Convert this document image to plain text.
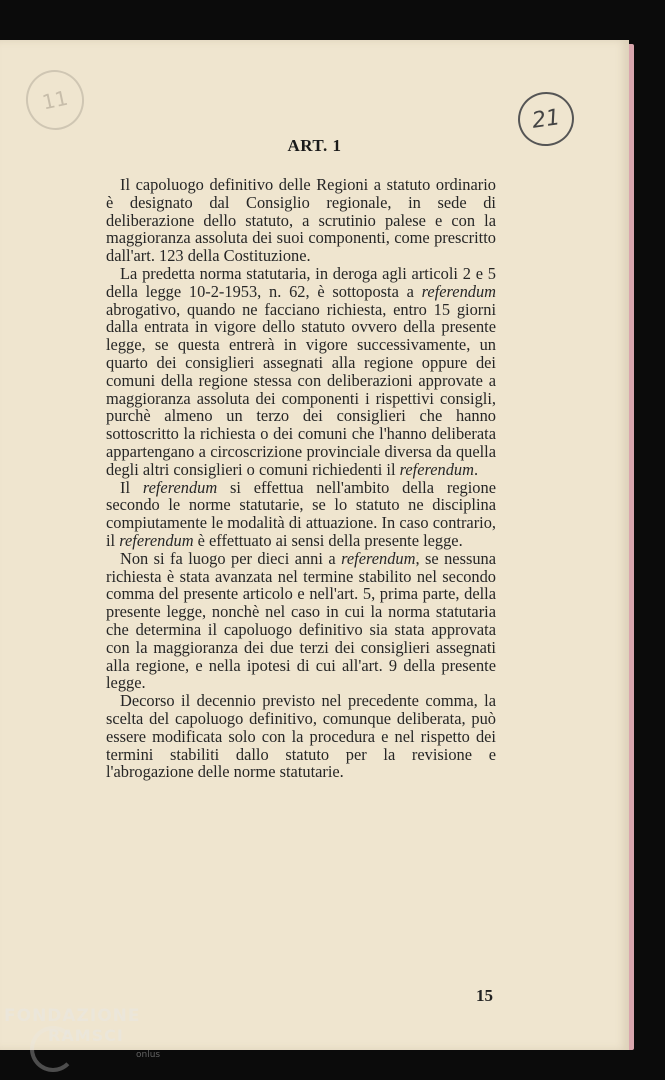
11
21
ART. 1

Il capoluogo definitivo delle Regioni a statuto ordinario è designato dal Consiglio regionale, in sede di deliberazione dello statuto, a scrutinio palese e con la maggioranza assoluta dei suoi componenti, come prescritto dall'art. 123 della Costituzione.

La predetta norma statutaria, in deroga agli articoli 2 e 5 della legge 10-2-1953, n. 62, è sottoposta a referendum abrogativo, quando ne facciano richiesta, entro 15 giorni dalla entrata in vigore dello statuto ovvero della presente legge, se questa entrerà in vigore successivamente, un quarto dei consiglieri assegnati alla regione oppure dei comuni della regione stessa con deliberazioni approvate a maggioranza assoluta dei componenti i rispettivi consigli, purchè almeno un terzo dei consiglieri che hanno sottoscritto la richiesta o dei comuni che l'hanno deliberata appartengano a circoscrizione provinciale diversa da quella degli altri consiglieri o comuni richiedenti il referendum.

Il referendum si effettua nell'ambito della regione secondo le norme statutarie, se lo statuto ne disciplina compiutamente le modalità di attuazione. In caso contrario, il referendum è effettuato ai sensi della presente legge.

Non si fa luogo per dieci anni a referendum, se nessuna richiesta è stata avanzata nel termine stabilito nel secondo comma del presente articolo e nell'art. 5, prima parte, della presente legge, nonchè nel caso in cui la norma statutaria che determina il capoluogo definitivo sia stata approvata con la maggioranza dei due terzi dei consiglieri assegnati alla regione, e nella ipotesi di cui all'art. 9 della presente legge.

Decorso il decennio previsto nel precedente comma, la scelta del capoluogo definitivo, comunque deliberata, può essere modificata solo con la procedura e nel rispetto dei termini stabiliti dallo statuto per la revisione e l'abrogazione delle norme statutarie.

15
FONDAZIONE
RAMSCI
onlus
